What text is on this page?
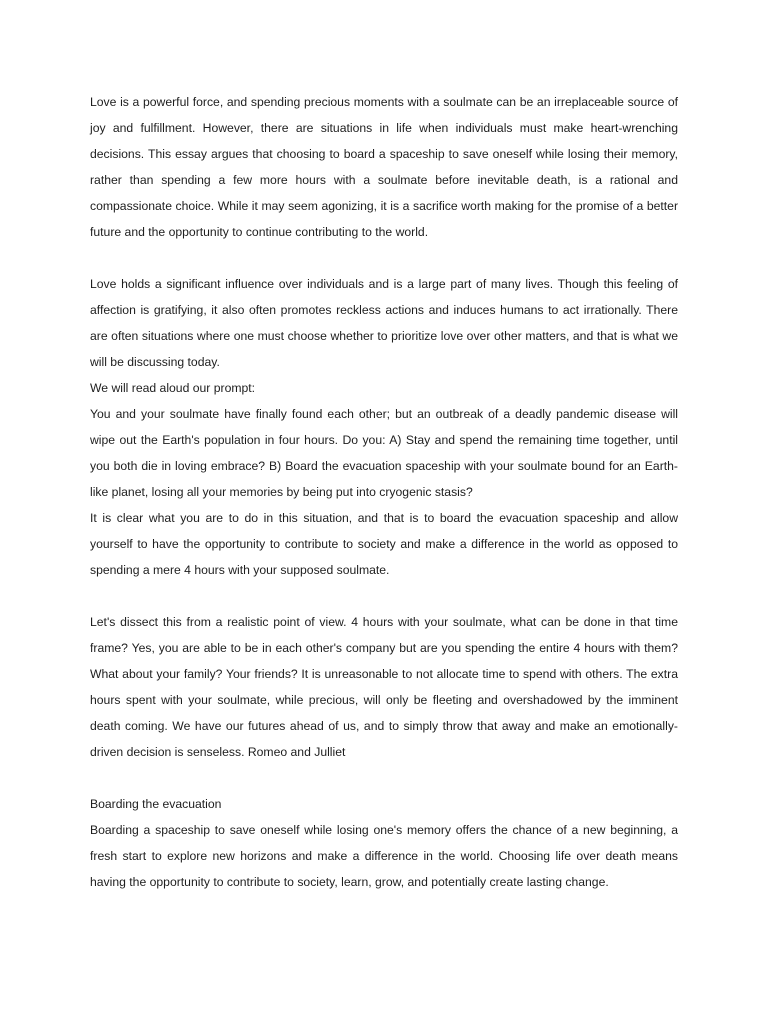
Love is a powerful force, and spending precious moments with a soulmate can be an irreplaceable source of joy and fulfillment. However, there are situations in life when individuals must make heart-wrenching decisions. This essay argues that choosing to board a spaceship to save oneself while losing their memory, rather than spending a few more hours with a soulmate before inevitable death, is a rational and compassionate choice. While it may seem agonizing, it is a sacrifice worth making for the promise of a better future and the opportunity to continue contributing to the world.

Love holds a significant influence over individuals and is a large part of many lives. Though this feeling of affection is gratifying, it also often promotes reckless actions and induces humans to act irrationally. There are often situations where one must choose whether to prioritize love over other matters, and that is what we will be discussing today.

We will read aloud our prompt:

You and your soulmate have finally found each other; but an outbreak of a deadly pandemic disease will wipe out the Earth's population in four hours. Do you: A) Stay and spend the remaining time together, until you both die in loving embrace? B) Board the evacuation spaceship with your soulmate bound for an Earth-like planet, losing all your memories by being put into cryogenic stasis?

It is clear what you are to do in this situation, and that is to board the evacuation spaceship and allow yourself to have the opportunity to contribute to society and make a difference in the world as opposed to spending a mere 4 hours with your supposed soulmate.

Let's dissect this from a realistic point of view. 4 hours with your soulmate, what can be done in that time frame? Yes, you are able to be in each other's company but are you spending the entire 4 hours with them? What about your family? Your friends? It is unreasonable to not allocate time to spend with others. The extra hours spent with your soulmate, while precious, will only be fleeting and overshadowed by the imminent death coming. We have our futures ahead of us, and to simply throw that away and make an emotionally-driven decision is senseless. Romeo and Julliet

Boarding the evacuation

Boarding a spaceship to save oneself while losing one's memory offers the chance of a new beginning, a fresh start to explore new horizons and make a difference in the world. Choosing life over death means having the opportunity to contribute to society, learn, grow, and potentially create lasting change.
